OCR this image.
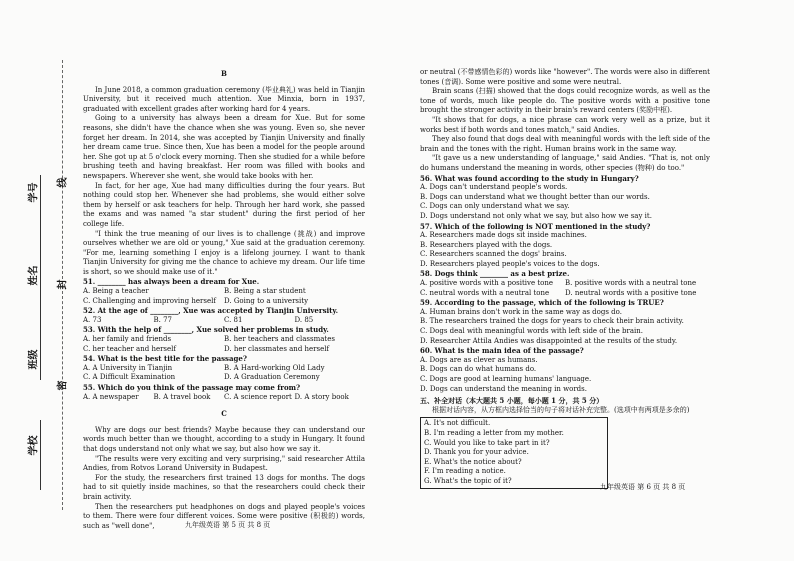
学号
姓名
班级
学校
线
封
密

B

In June 2018, a common graduation ceremony (毕业典礼) was held in Tianjin University, but it received much attention. Xue Minxia, born in 1937, graduated with excellent grades after working hard for 4 years.

Going to a university has always been a dream for Xue. But for some reasons, she didn't have the chance when she was young. Even so, she never forget her dream. In 2014, she was accepted by Tianjin University and finally her dream came true. Since then, Xue has been a model for the people around her. She got up at 5 o'clock every morning. Then she studied for a while before brushing teeth and having breakfast. Her room was filled with books and newspapers. Wherever she went, she would take books with her.

In fact, for her age, Xue had many difficulties during the four years. But nothing could stop her. Whenever she had problems, she would either solve them by herself or ask teachers for help. Through her hard work, she passed the exams and was named "a star student" during the first period of her college life.

"I think the true meaning of our lives is to challenge (挑战) and improve ourselves whether we are old or young," Xue said at the graduation ceremony. "For me, learning something I enjoy is a lifelong journey. I want to thank Tianjin University for giving me the chance to achieve my dream. Our life time is short, so we should make use of it."

51. ________ has always been a dream for Xue.

A. Being a teacher	B. Being a star student
C. Challenging and improving herself	D. Going to a university

52. At the age of ________, Xue was accepted by Tianjin University.

A. 73	B. 77	C. 81	D. 85

53. With the help of ________, Xue solved her problems in study.

A. her family and friends	B. her teachers and classmates
C. her teacher and herself	D. her classmates and herself

54. What is the best title for the passage?

A. A University in Tianjin	B. A Hard-working Old Lady
C. A Difficult Examination	D. A Graduation Ceremony

55. Which do you think of the passage may come from?

A. A newspaper	B. A travel book	C. A science report D. A story book

C

Why are dogs our best friends? Maybe because they can understand our words much better than we thought, according to a study in Hungary. It found that dogs understand not only what we say, but also how we say it.

"The results were very exciting and very surprising," said researcher Attila Andies, from Rotvos Lorand University in Budapest.

For the study, the researchers first trained 13 dogs for months. The dogs had to sit quietly inside machines, so that the researchers could check their brain activity.

Then the researchers put headphones on dogs and played people's voices to them. There were four different voices. Some were positive (积极的) words, such as "well done",	九年级英语 第 5 页 共 8 页

or neutral (不带感情色彩的) words like "however". The words were also in different tones (音调). Some were positive and some were neutral.

Brain scans (扫描) showed that the dogs could recognize words, as well as the tone of words, much like people do. The positive words with a positive tone brought the stronger activity in their brain's reward centers (奖励中枢).

"It shows that for dogs, a nice phrase can work very well as a prize, but it works best if both words and tones match," said Andies.

They also found that dogs deal with meaningful words with the left side of the brain and the tones with the right. Human brains work in the same way.

"It gave us a new understanding of language," said Andies. "That is, not only do humans understand the meaning in words, other species (物种) do too."

56. What was found according to the study in Hungary?

A. Dogs can't understand people's words.

B. Dogs can understand what we thought better than our words.

C. Dogs can only understand what we say.

D. Dogs understand not only what we say, but also how we say it.

57. Which of the following is NOT mentioned in the study?

A. Researchers made dogs sit inside machines.

B. Researchers played with the dogs.

C. Researchers scanned the dogs' brains.

D. Researchers played people's voices to the dogs.

58. Dogs think ________ as a best prize.

A. positive words with a positive tone	B. positive words with a neutral tone
C. neutral words with a neutral tone	D. neutral words with a positive tone

59. According to the passage, which of the following is TRUE?

A. Human brains don't work in the same way as dogs do.

B. The researchers trained the dogs for years to check their brain activity.

C. Dogs deal with meaningful words with left side of the brain.

D. Researcher Attila Andies was disappointed at the results of the study.

60. What is the main idea of the passage?

A. Dogs are as clever as humans.

B. Dogs can do what humans do.

C. Dogs are good at learning humans' language.

D. Dogs can understand the meaning in words.

五、补全对话（本大题共 5 小题，每小题 1 分，共 5 分）

根据对话内容，从方框内选择恰当的句子将对话补充完整。(选项中有两项是多余的)

A. It's not difficult.

B. I'm reading a letter from my mother.

C. Would you like to take part in it?

D. Thank you for your advice.

E. What's the notice about?

F. I'm reading a notice.

G. What's the topic of it?

九年级英语 第 6 页 共 8 页
